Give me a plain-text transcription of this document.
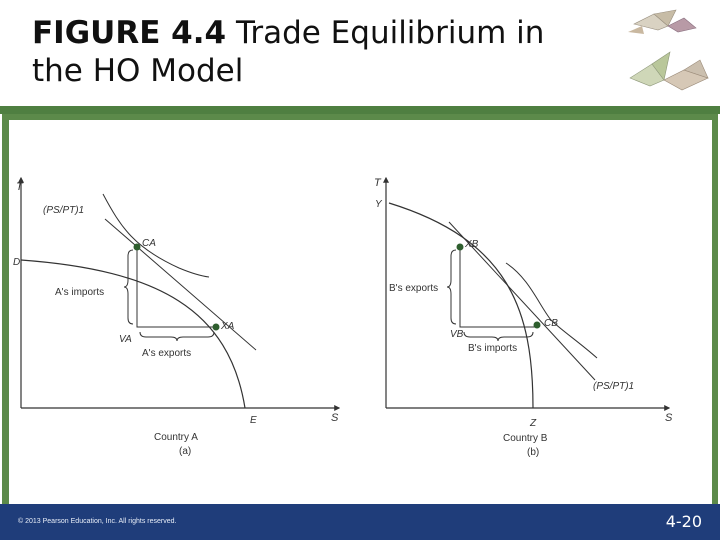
FIGURE 4.4 Trade Equilibrium in
the HO Model
T
S
(PS/PT)1
D
E
CA
XA
VA
A's imports
A's exports
Country A
(a)
T
S
Y
Z
XB
CB
VB
B's exports
B's imports
(PS/PT)1
Country B
(b)
© 2013 Pearson Education, Inc. All rights reserved.	4-20
